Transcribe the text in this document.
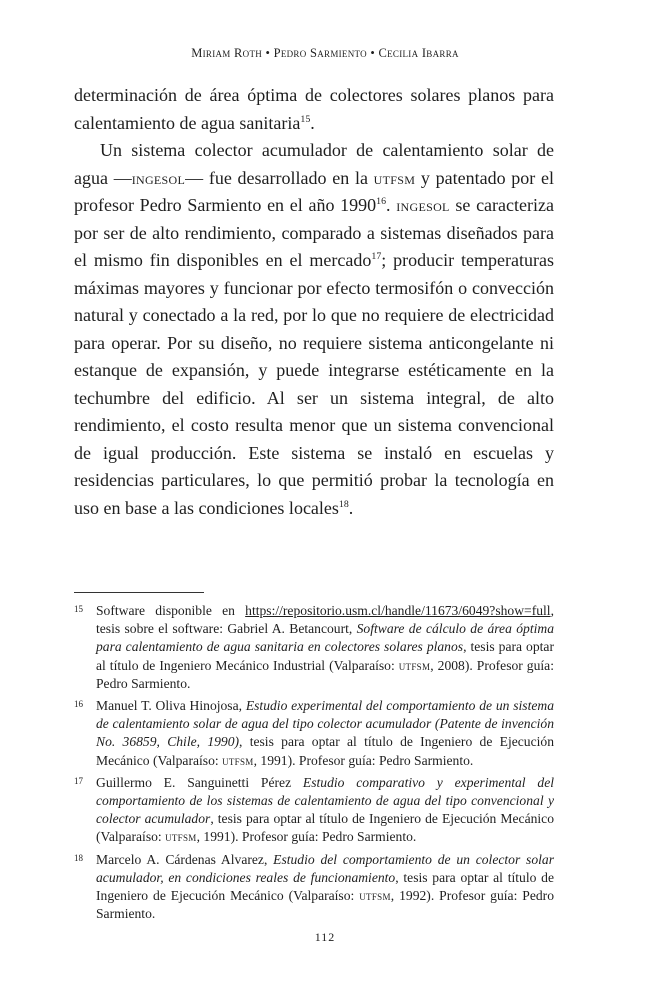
Miriam Roth • Pedro Sarmiento • Cecilia Ibarra

determinación de área óptima de colectores solares planos para calentamiento de agua sanitaria$^{15}$.

Un sistema colector acumulador de calentamiento solar de agua —ingesol— fue desarrollado en la utfsm y patentado por el profesor Pedro Sarmiento en el año 1990$^{16}$. ingesol se caracteriza por ser de alto rendimiento, comparado a sistemas diseñados para el mismo fin disponibles en el mercado$^{17}$; producir temperaturas máximas mayores y funcionar por efecto termosifón o convección natural y conectado a la red, por lo que no requiere de electricidad para operar. Por su diseño, no requiere sistema anticongelante ni estanque de expansión, y puede integrarse estéticamente en la techumbre del edificio. Al ser un sistema integral, de alto rendimiento, el costo resulta menor que un sistema convencional de igual producción. Este sistema se instaló en escuelas y residencias particulares, lo que permitió probar la tecnología en uso en base a las condiciones locales$^{18}$.

15 Software disponible en https://repositorio.usm.cl/handle/11673/6049?show=full, tesis sobre el software: Gabriel A. Betancourt, Software de cálculo de área óptima para calentamiento de agua sanitaria en colectores solares planos, tesis para optar al título de Ingeniero Mecánico Industrial (Valparaíso: utfsm, 2008). Profesor guía: Pedro Sarmiento.
16 Manuel T. Oliva Hinojosa, Estudio experimental del comportamiento de un sistema de calentamiento solar de agua del tipo colector acumulador (Patente de invención No. 36859, Chile, 1990), tesis para optar al título de Ingeniero de Ejecución Mecánico (Valparaíso: utfsm, 1991). Profesor guía: Pedro Sarmiento.
17 Guillermo E. Sanguinetti Pérez Estudio comparativo y experimental del comportamiento de los sistemas de calentamiento de agua del tipo convencional y colector acumulador, tesis para optar al título de Ingeniero de Ejecución Mecánico (Valparaíso: utfsm, 1991). Profesor guía: Pedro Sarmiento.
18 Marcelo A. Cárdenas Alvarez, Estudio del comportamiento de un colector solar acumulador, en condiciones reales de funcionamiento, tesis para optar al título de Ingeniero de Ejecución Mecánico (Valparaíso: utfsm, 1992). Profesor guía: Pedro Sarmiento.
112
